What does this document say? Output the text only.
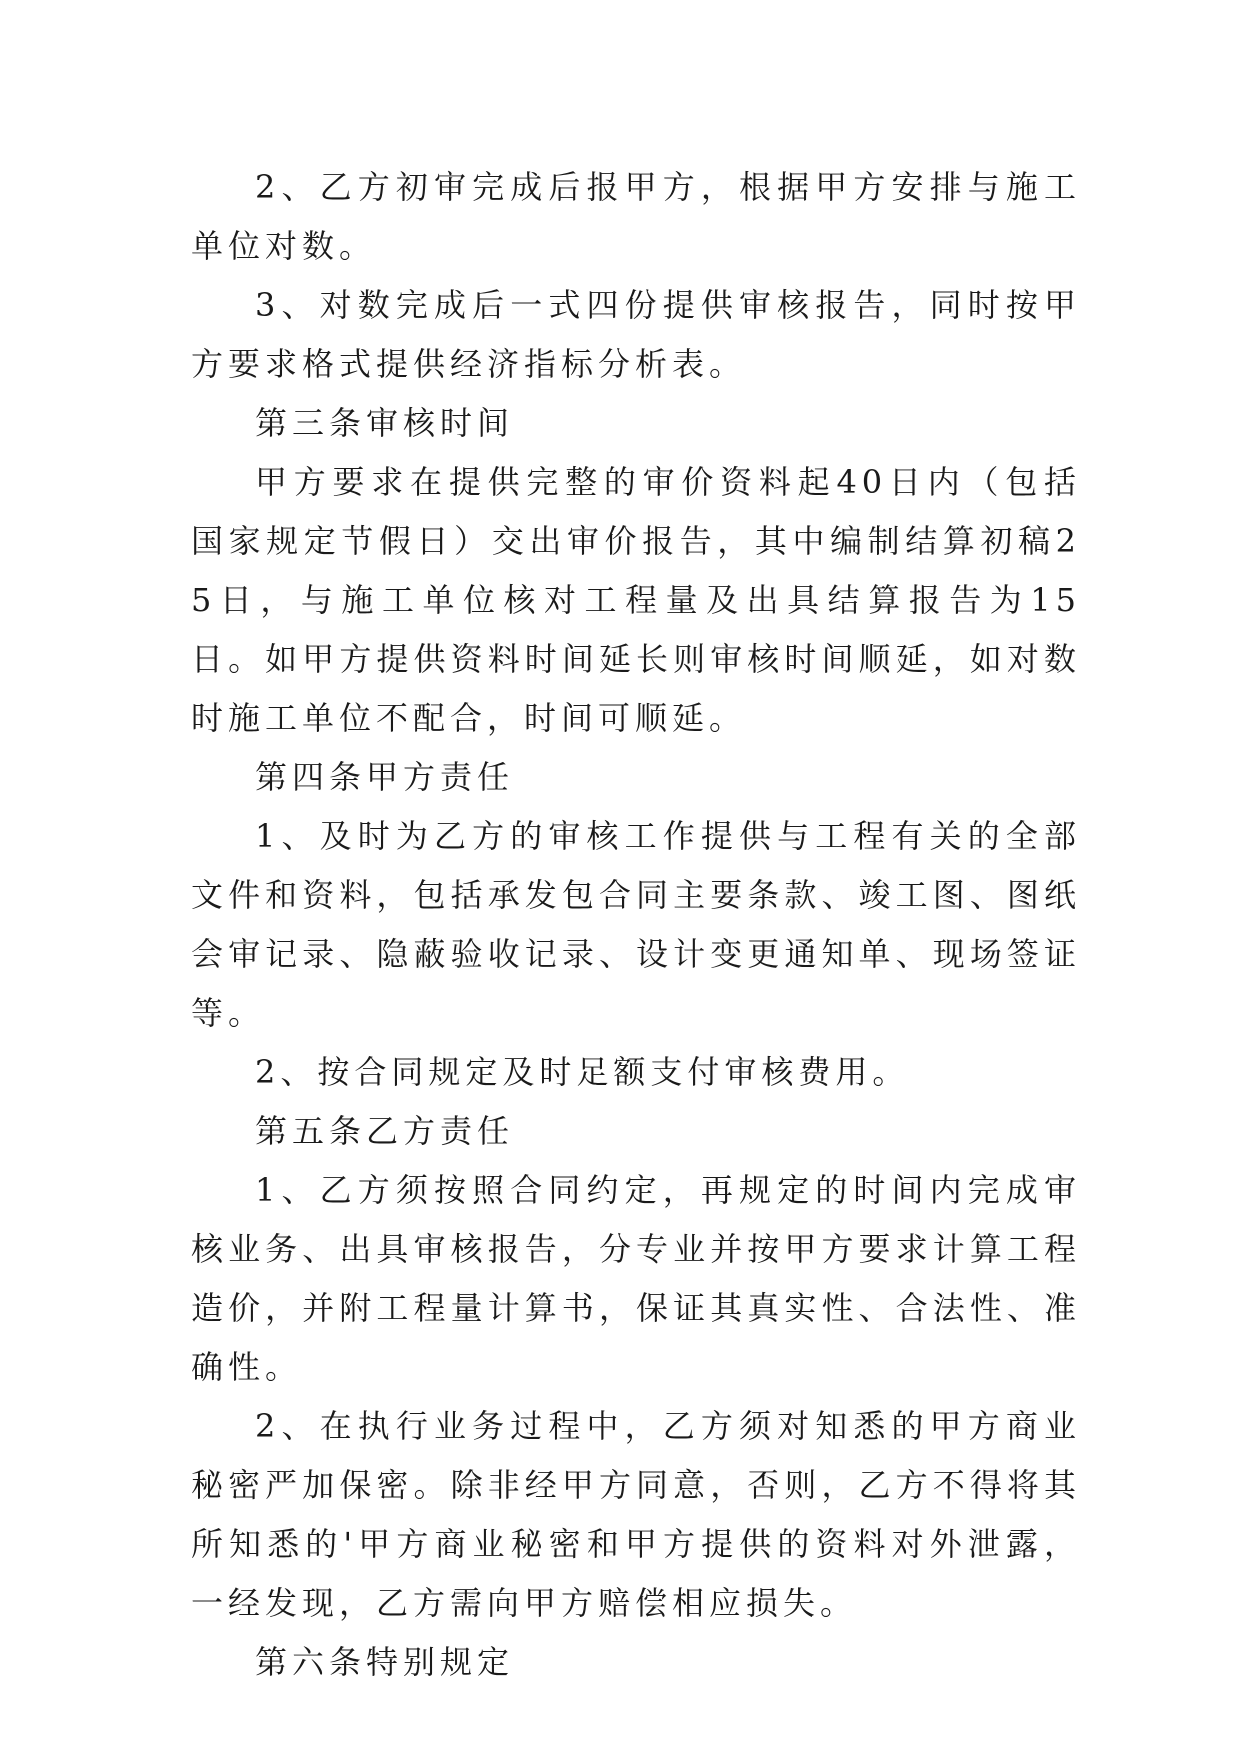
2、乙方初审完成后报甲方，根据甲方安排与施工单位对数。

3、对数完成后一式四份提供审核报告，同时按甲方要求格式提供经济指标分析表。

第三条审核时间

甲方要求在提供完整的审价资料起40日内（包括国家规定节假日）交出审价报告，其中编制结算初稿25日，与施工单位核对工程量及出具结算报告为15日。如甲方提供资料时间延长则审核时间顺延，如对数时施工单位不配合，时间可顺延。

第四条甲方责任

1、及时为乙方的审核工作提供与工程有关的全部文件和资料，包括承发包合同主要条款、竣工图、图纸会审记录、隐蔽验收记录、设计变更通知单、现场签证等。

2、按合同规定及时足额支付审核费用。

第五条乙方责任

1、乙方须按照合同约定，再规定的时间内完成审核业务、出具审核报告，分专业并按甲方要求计算工程造价，并附工程量计算书，保证其真实性、合法性、准确性。

2、在执行业务过程中，乙方须对知悉的甲方商业秘密严加保密。除非经甲方同意，否则，乙方不得将其所知悉的'甲方商业秘密和甲方提供的资料对外泄露，一经发现，乙方需向甲方赔偿相应损失。

第六条特别规定
